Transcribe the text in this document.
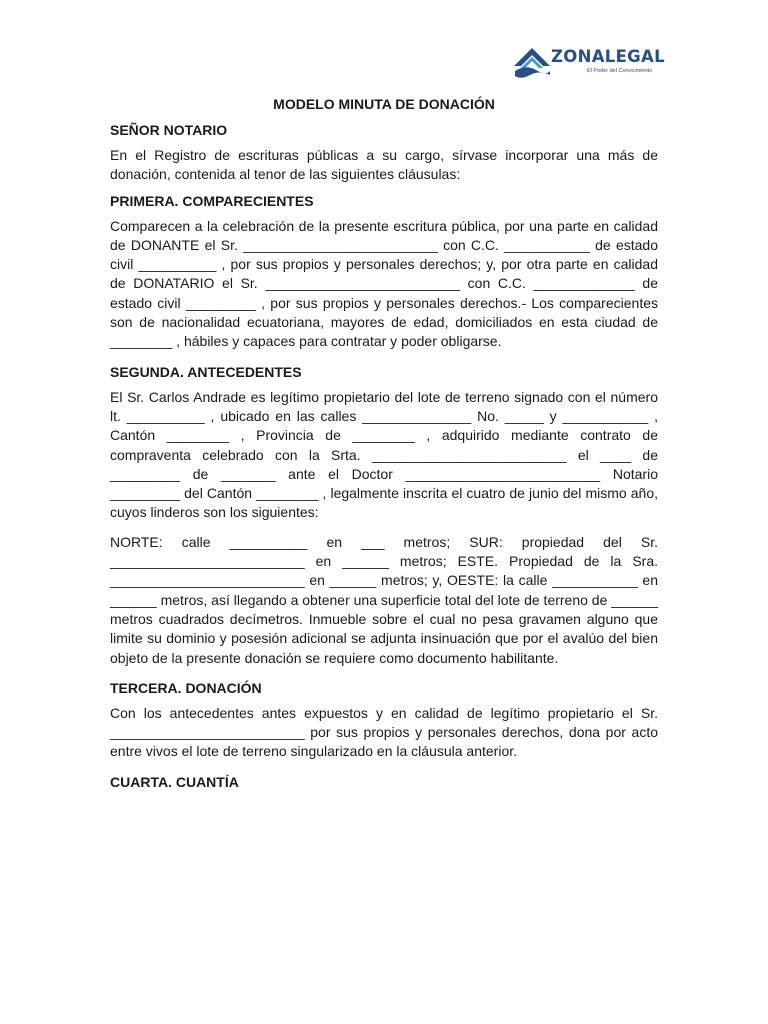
ZONALEGAL
El Poder del Conocimiento
MODELO MINUTA DE DONACIÓN
SEÑOR NOTARIO

En el Registro de escrituras públicas a su cargo, sírvase incorporar una más de donación, contenida al tenor de las siguientes cláusulas:

PRIMERA. COMPARECIENTES

Comparecen a la celebración de la presente escritura pública, por una parte en calidad de DONANTE el Sr. _________________________ con C.C. ___________ de estado civil __________ , por sus propios y personales derechos; y, por otra parte en calidad de DONATARIO el Sr. _________________________ con C.C. _____________ de estado civil _________ , por sus propios y personales derechos.- Los comparecientes son de nacionalidad ecuatoriana, mayores de edad, domiciliados en esta ciudad de ________ , hábiles y capaces para contratar y poder obligarse.

SEGUNDA. ANTECEDENTES

El Sr. Carlos Andrade es legítimo propietario del lote de terreno signado con el número lt. __________ , ubicado en las calles ______________ No. _____ y ___________ , Cantón ________ , Provincia de ________ , adquirido mediante contrato de compraventa celebrado con la Srta. _________________________ el ____ de _________ de _______ ante el Doctor _________________________ Notario _________ del Cantón ________ , legalmente inscrita el cuatro de junio del mismo año, cuyos linderos son los siguientes:

NORTE: calle __________ en ___ metros; SUR: propiedad del Sr. _________________________ en ______ metros; ESTE. Propiedad de la Sra. _________________________ en ______ metros; y, OESTE: la calle ___________ en ______ metros, así llegando a obtener una superficie total del lote de terreno de ______ metros cuadrados decímetros. Inmueble sobre el cual no pesa gravamen alguno que limite su dominio y posesión adicional se adjunta insinuación que por el avalúo del bien objeto de la presente donación se requiere como documento habilitante.

TERCERA. DONACIÓN

Con los antecedentes antes expuestos y en calidad de legítimo propietario el Sr. _________________________ por sus propios y personales derechos, dona por acto entre vivos el lote de terreno singularizado en la cláusula anterior.

CUARTA. CUANTÍA
